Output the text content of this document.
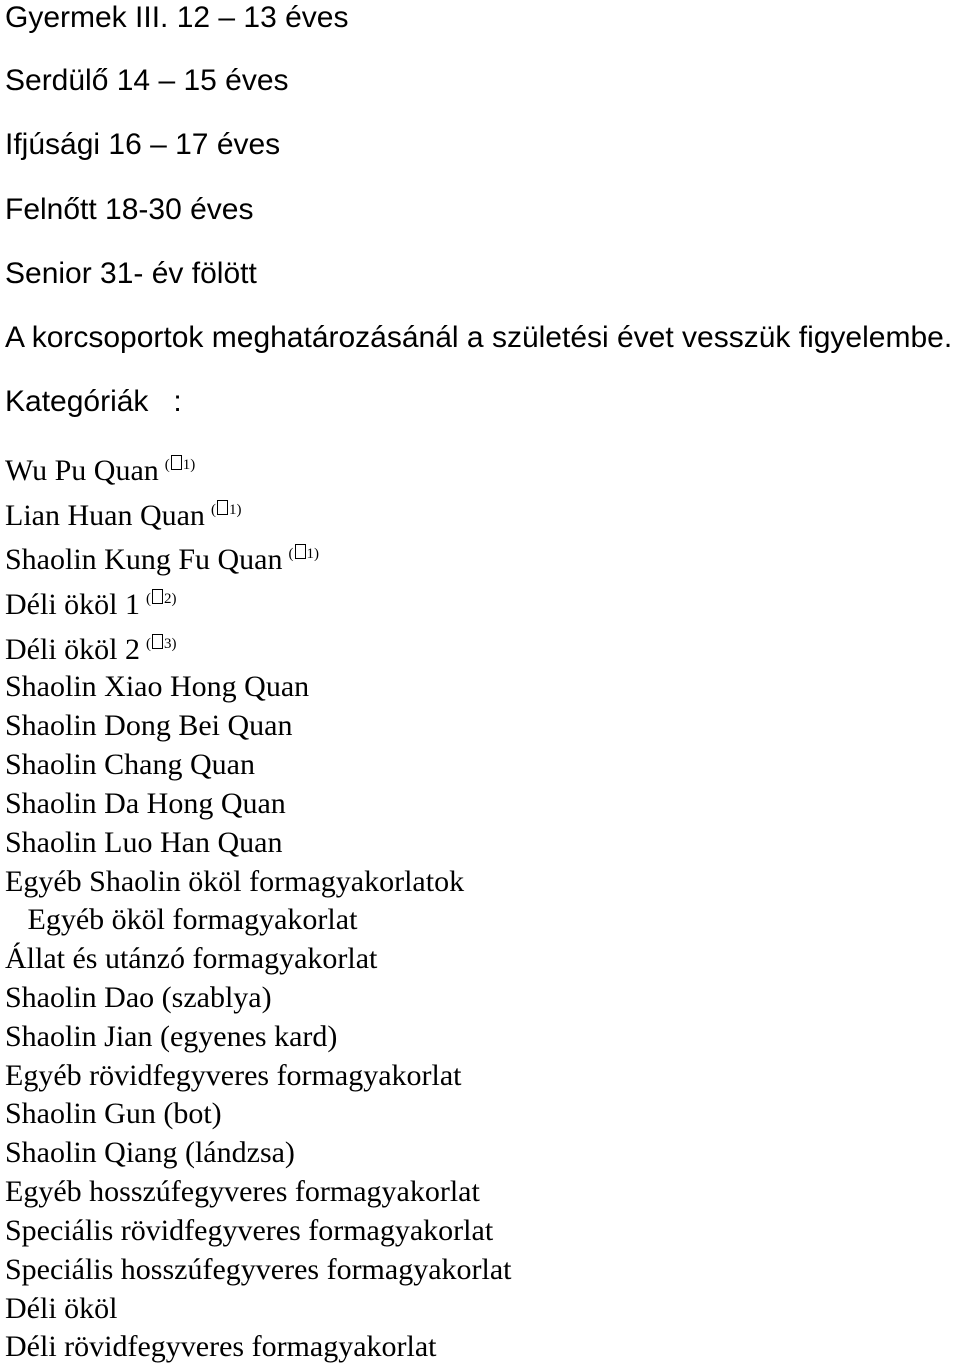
Gyermek III. 12 – 13 éves
Serdülő 14 – 15 éves
Ifjúsági 16 – 17 éves
Felnőtt 18-30 éves
Senior 31- év fölött
A korcsoportok meghatározásánál a születési évet vesszük figyelembe.
Kategóriák   :
Wu Pu Quan ( 1)
Lian Huan Quan ( 1)
Shaolin Kung Fu Quan ( 1)
Déli ököl 1 ( 2)
Déli ököl 2 ( 3)
Shaolin Xiao Hong Quan
Shaolin Dong Bei Quan
Shaolin Chang Quan
Shaolin Da Hong Quan
Shaolin Luo Han Quan
Egyéb Shaolin ököl formagyakorlatok
Egyéb ököl formagyakorlat
Állat és utánzó formagyakorlat
Shaolin Dao (szablya)
Shaolin Jian (egyenes kard)
Egyéb rövidfegyveres formagyakorlat
Shaolin Gun (bot)
Shaolin Qiang (lándzsa)
Egyéb hosszúfegyveres formagyakorlat
Speciális rövidfegyveres formagyakorlat
Speciális hosszúfegyveres formagyakorlat
Déli ököl
Déli rövidfegyveres formagyakorlat
